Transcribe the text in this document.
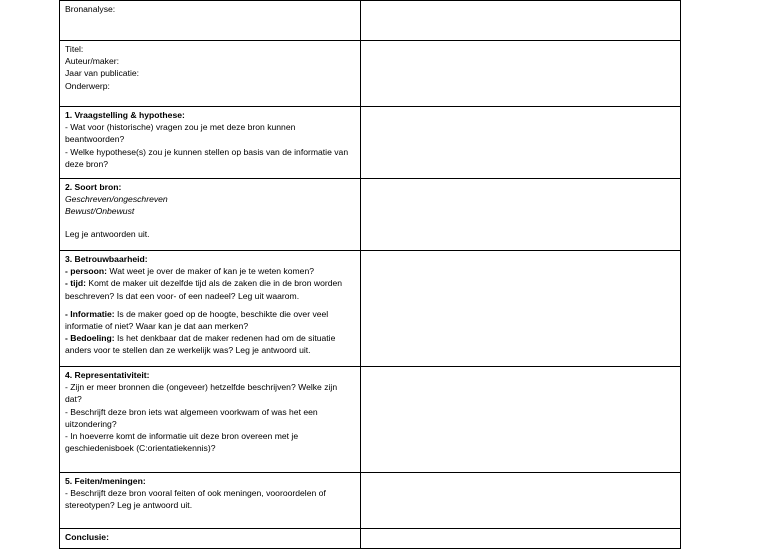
Bronanalyse:	

Titel:
Auteur/maker:
Jaar van publicatie:
Onderwerp:	

1. Vraagstelling & hypothese:
- Wat voor (historische) vragen zou je met deze bron kunnen beantwoorden?
- Welke hypothese(s) zou je kunnen stellen op basis van de informatie van deze bron?	

2. Soort bron:
Geschreven/ongeschreven
Bewust/Onbewust
Leg je antwoorden uit.	

3. Betrouwbaarheid:
- persoon: Wat weet je over de maker of kan je te weten komen?
- tijd: Komt de maker uit dezelfde tijd als de zaken die in de bron worden beschreven? Is dat een voor- of een nadeel? Leg uit waarom.
- Informatie: Is de maker goed op de hoogte, beschikte die over veel informatie of niet? Waar kan je dat aan merken?
- Bedoeling: Is het denkbaar dat de maker redenen had om de situatie anders voor te stellen dan ze werkelijk was? Leg je antwoord uit.	

4. Representativiteit:
- Zijn er meer bronnen die (ongeveer) hetzelfde beschrijven? Welke zijn dat?
- Beschrijft deze bron iets wat algemeen voorkwam of was het een uitzondering?
- In hoeverre komt de informatie uit deze bron overeen met je geschiedenisboek (C:orientatiekennis)?	

5. Feiten/meningen:
- Beschrijft deze bron vooral feiten of ook meningen, vooroordelen of stereotypen? Leg je antwoord uit.	

Conclusie:	
